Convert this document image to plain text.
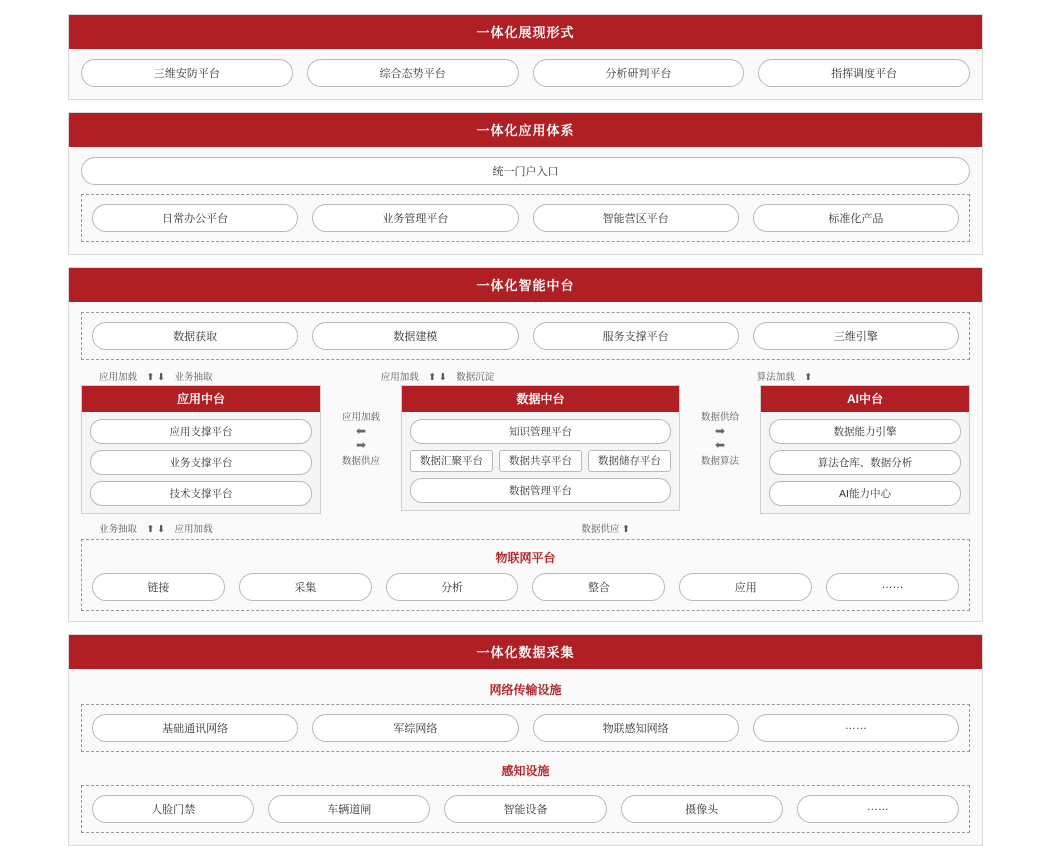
一体化展现形式
三维安防平台	综合态势平台	分析研判平台	指挥调度平台
一体化应用体系
统一门户入口
日常办公平台	业务管理平台	智能营区平台	标准化产品
一体化智能中台
数据获取	数据建模	服务支撑平台	三维引擎
应用加载　⬆ ⬇　业务抽取	应用加载　⬆ ⬇　数据沉淀	算法加载　⬆
应用中台
应用支撑平台
业务支撑平台
技术支撑平台
应用加载
⬅
➡
数据供应
数据中台
知识管理平台
数据汇聚平台	数据共享平台	数据储存平台
数据管理平台
数据供给
➡
⬅
数据算法
AI中台
数据能力引擎
算法仓库、数据分析
AI能力中心
业务抽取　⬆ ⬇　应用加载	数据供应 ⬆
物联网平台
链接	采集	分析	整合	应用	……
一体化数据采集
网络传输设施
基础通讯网络	军综网络	物联感知网络	……
感知设施
人脸门禁	车辆道闸	智能设备	摄像头	……
